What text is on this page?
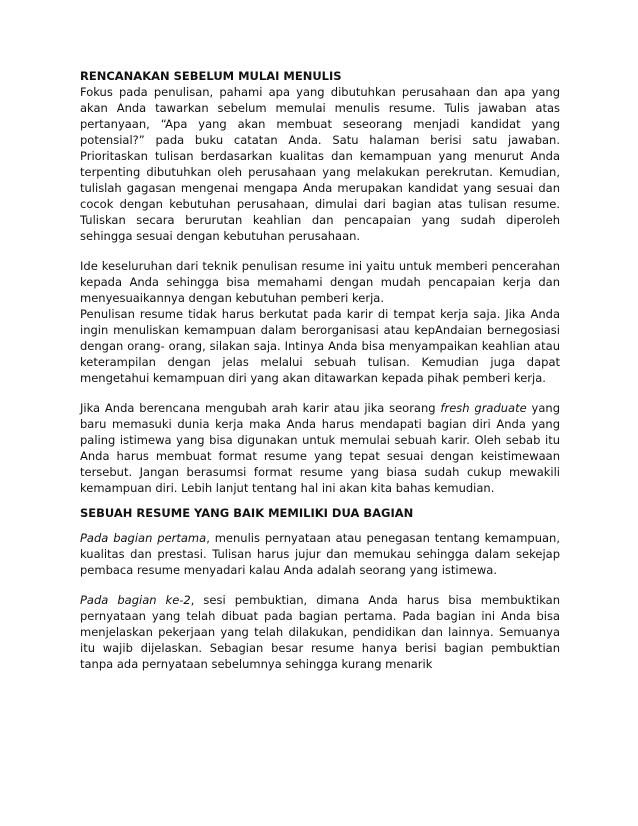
RENCANAKAN SEBELUM MULAI MENULIS

Fokus pada penulisan, pahami apa yang dibutuhkan perusahaan dan apa yang akan Anda tawarkan sebelum memulai menulis resume. Tulis jawaban atas pertanyaan, “Apa yang akan membuat seseorang menjadi kandidat yang potensial?” pada buku catatan Anda. Satu halaman berisi satu jawaban. Prioritaskan tulisan berdasarkan kualitas dan kemampuan yang menurut Anda terpenting dibutuhkan oleh perusahaan yang melakukan perekrutan. Kemudian, tulislah gagasan mengenai mengapa Anda merupakan kandidat yang sesuai dan cocok dengan kebutuhan perusahaan, dimulai dari bagian atas tulisan resume. Tuliskan secara berurutan keahlian dan pencapaian yang sudah diperoleh sehingga sesuai dengan kebutuhan perusahaan.

Ide keseluruhan dari teknik penulisan resume ini yaitu untuk memberi pencerahan kepada Anda sehingga bisa memahami dengan mudah pencapaian kerja dan menyesuaikannya dengan kebutuhan pemberi kerja.

Penulisan resume tidak harus berkutat pada karir di tempat kerja saja. Jika Anda ingin menuliskan kemampuan dalam berorganisasi atau kepAndaian bernegosiasi dengan orang- orang, silakan saja. Intinya Anda bisa menyampaikan keahlian atau keterampilan dengan jelas melalui sebuah tulisan. Kemudian juga dapat mengetahui kemampuan diri yang akan ditawarkan kepada pihak pemberi kerja.

Jika Anda berencana mengubah arah karir atau jika seorang fresh graduate yang baru memasuki dunia kerja maka Anda harus mendapati bagian diri Anda yang paling istimewa yang bisa digunakan untuk memulai sebuah karir. Oleh sebab itu Anda harus membuat format resume yang tepat sesuai dengan keistimewaan tersebut. Jangan berasumsi format resume yang biasa sudah cukup mewakili kemampuan diri. Lebih lanjut tentang hal ini akan kita bahas kemudian.

SEBUAH RESUME YANG BAIK MEMILIKI DUA BAGIAN

Pada bagian pertama, menulis pernyataan atau penegasan tentang kemampuan, kualitas dan prestasi. Tulisan harus jujur dan memukau sehingga dalam sekejap pembaca resume menyadari kalau Anda adalah seorang yang istimewa.

Pada bagian ke-2, sesi pembuktian, dimana Anda harus bisa membuktikan pernyataan yang telah dibuat pada bagian pertama. Pada bagian ini Anda bisa menjelaskan pekerjaan yang telah dilakukan, pendidikan dan lainnya. Semuanya itu wajib dijelaskan. Sebagian besar resume hanya berisi bagian pembuktian tanpa ada pernyataan sebelumnya sehingga kurang menarik
